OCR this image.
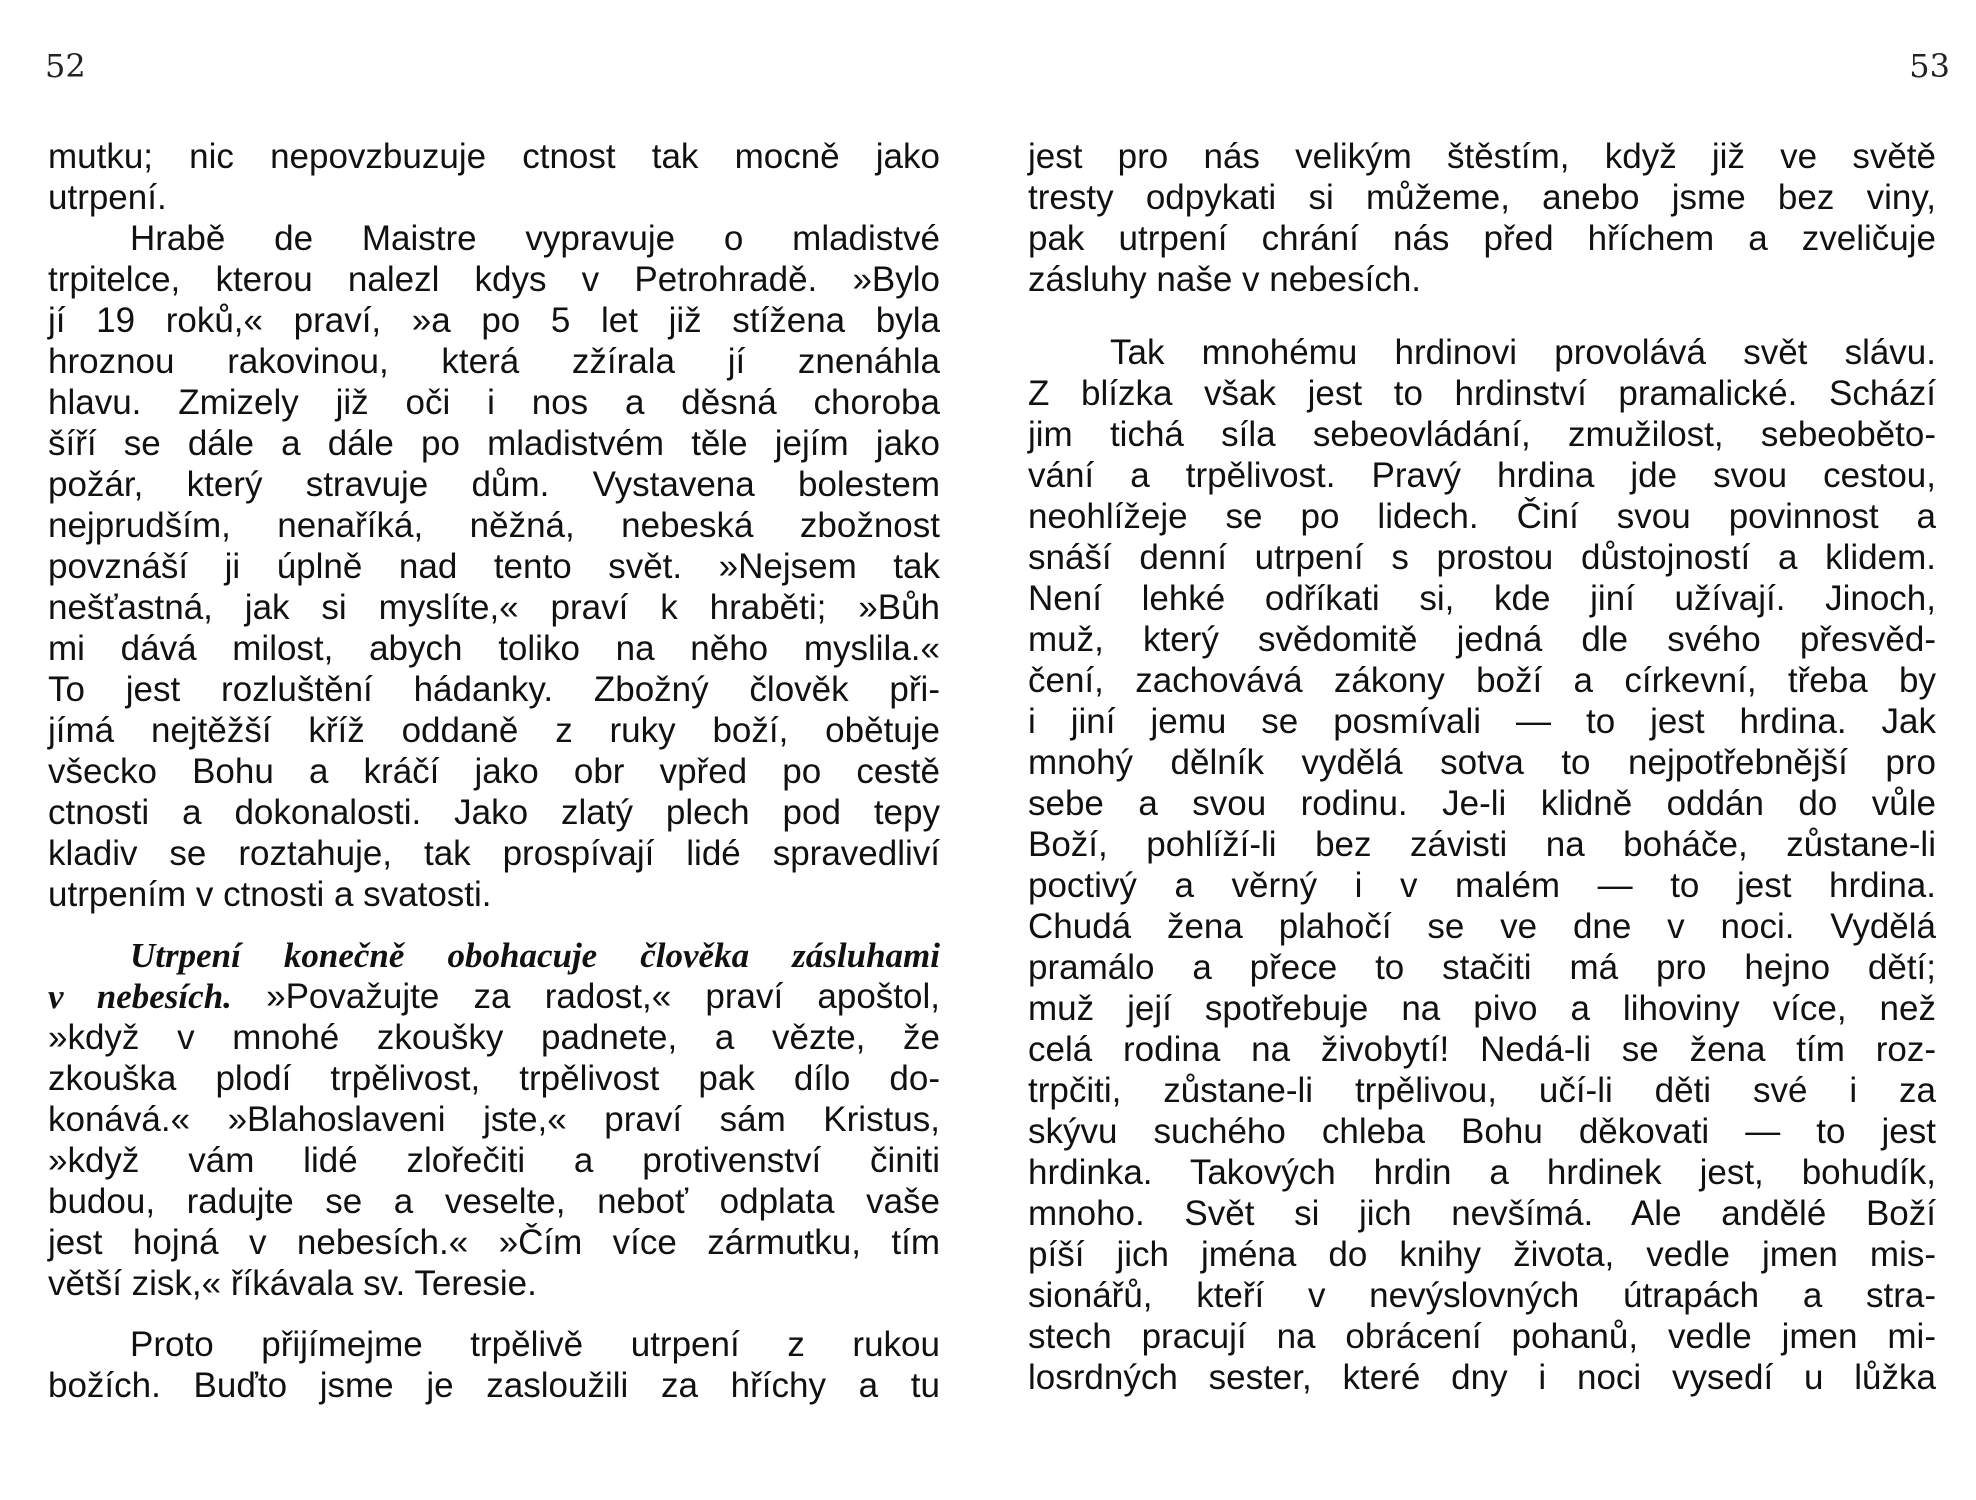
52
mutku; nic nepovzbuzuje ctnost tak mocně jako
utrpení.
Hrabě de Maistre vypravuje o mladistvé
trpitelce, kterou nalezl kdys v Petrohradě. »Bylo
jí 19 roků,« praví, »a po 5 let již stížena byla
hroznou rakovinou, která zžírala jí znenáhla
hlavu. Zmizely již oči i nos a děsná choroba
šíří se dále a dále po mladistvém těle jejím jako
požár, který stravuje dům. Vystavena bolestem
nejprudším, nenaříká, něžná, nebeská zbožnost
povznáší ji úplně nad tento svět. »Nejsem tak
nešťastná, jak si myslíte,« praví k hraběti; »Bůh
mi dává milost, abych toliko na něho myslila.«
To jest rozluštění hádanky. Zbožný člověk při-
jímá nejtěžší kříž oddaně z ruky boží, obětuje
všecko Bohu a kráčí jako obr vpřed po cestě
ctnosti a dokonalosti. Jako zlatý plech pod tepy
kladiv se roztahuje, tak prospívají lidé spravedliví
utrpením v ctnosti a svatosti.
Utrpení konečně obohacuje člověka zásluhami
v nebesích. »Považujte za radost,« praví apoštol,
»když v mnohé zkoušky padnete, a vězte, že
zkouška plodí trpělivost, trpělivost pak dílo do-
konává.« »Blahoslaveni jste,« praví sám Kristus,
»když vám lidé zlořečiti a protivenství činiti
budou, radujte se a veselte, neboť odplata vaše
jest hojná v nebesích.« »Čím více zármutku, tím
větší zisk,« říkávala sv. Teresie.
Proto přijímejme trpělivě utrpení z rukou
božích. Buďto jsme je zasloužili za hříchy a tu
53
jest pro nás velikým štěstím, když již ve světě
tresty odpykati si můžeme, anebo jsme bez viny,
pak utrpení chrání nás před hříchem a zveličuje
zásluhy naše v nebesích.
Tak mnohému hrdinovi provolává svět slávu.
Z blízka však jest to hrdinství pramalické. Schází
jim tichá síla sebeovládání, zmužilost, sebeoběto-
vání a trpělivost. Pravý hrdina jde svou cestou,
neohlížeje se po lidech. Činí svou povinnost a
snáší denní utrpení s prostou důstojností a klidem.
Není lehké odříkati si, kde jiní užívají. Jinoch,
muž, který svědomitě jedná dle svého přesvěd-
čení, zachovává zákony boží a církevní, třeba by
i jiní jemu se posmívali — to jest hrdina. Jak
mnohý dělník vydělá sotva to nejpotřebnější pro
sebe a svou rodinu. Je-li klidně oddán do vůle
Boží, pohlíží-li bez závisti na boháče, zůstane-li
poctivý a věrný i v malém — to jest hrdina.
Chudá žena plahočí se ve dne v noci. Vydělá
pramálo a přece to stačiti má pro hejno dětí;
muž její spotřebuje na pivo a lihoviny více, než
celá rodina na živobytí! Nedá-li se žena tím roz-
trpčiti, zůstane-li trpělivou, učí-li děti své i za
skývu suchého chleba Bohu děkovati — to jest
hrdinka. Takových hrdin a hrdinek jest, bohudík,
mnoho. Svět si jich nevšímá. Ale andělé Boží
píší jich jména do knihy života, vedle jmen mis-
sionářů, kteří v nevýslovných útrapách a stra-
stech pracují na obrácení pohanů, vedle jmen mi-
losrdných sester, které dny i noci vysedí u lůžka
